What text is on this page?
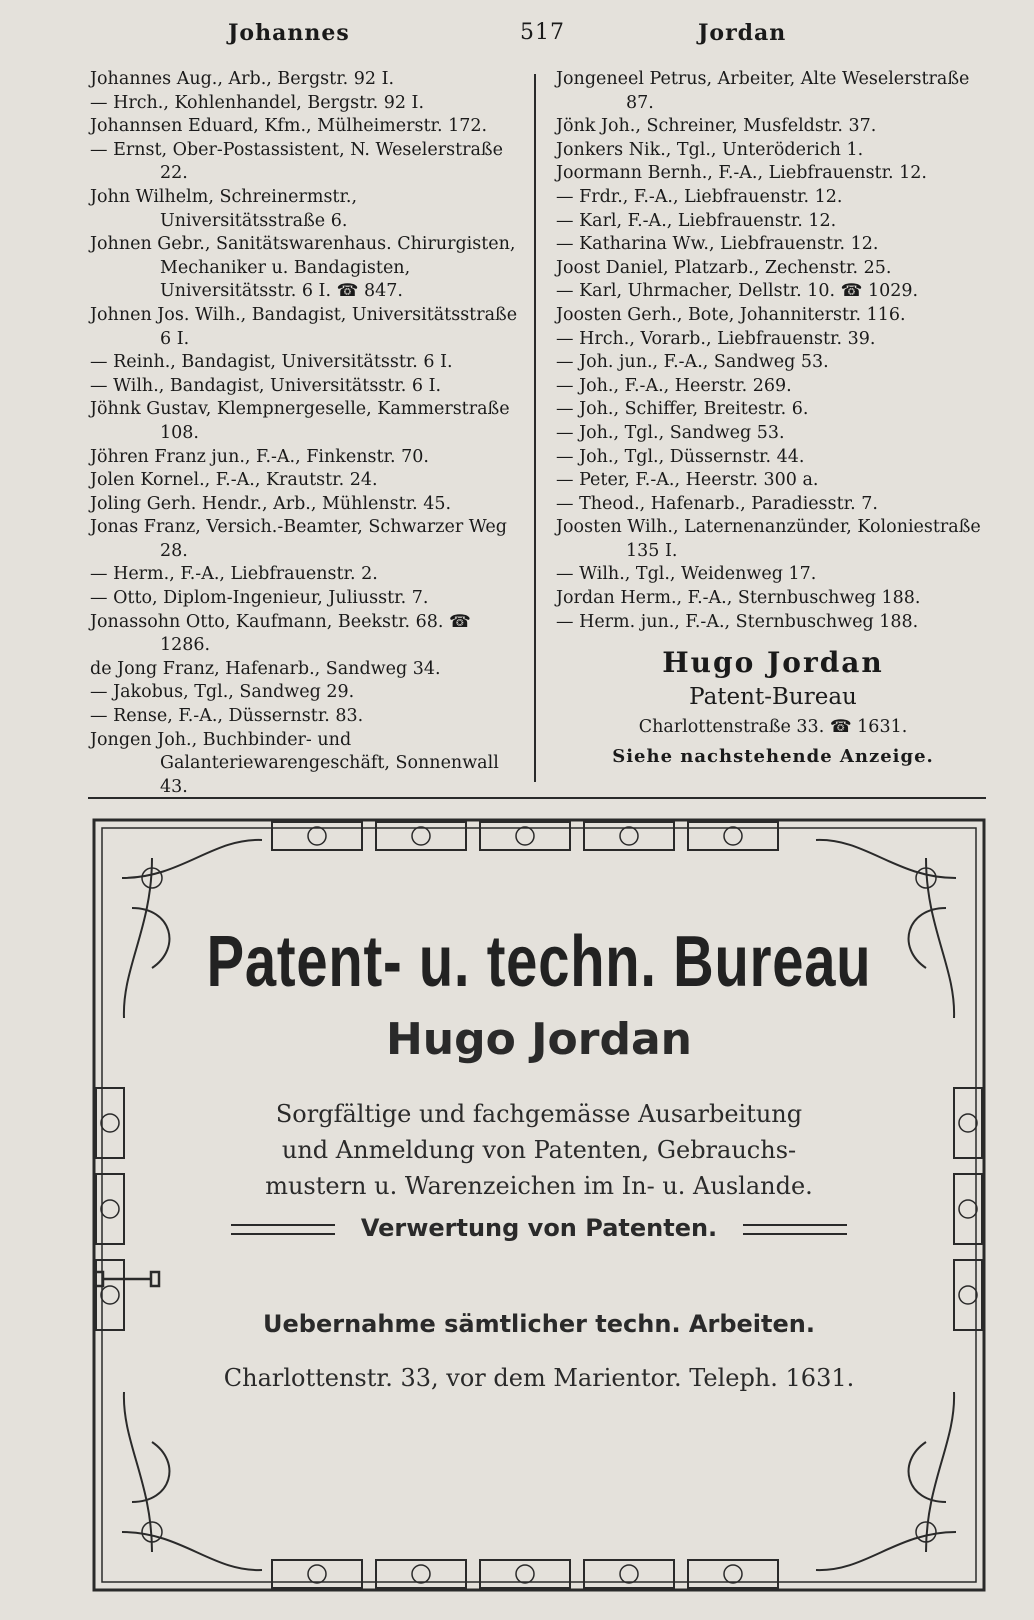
Johannes	517	Jordan

Johannes Aug., Arb., Bergstr. 92 I.

— Hrch., Kohlenhandel, Bergstr. 92 I.

Johannsen Eduard, Kfm., Mülheimerstr. 172.

— Ernst, Ober-Postassistent, N. Weselerstraße 22.

John Wilhelm, Schreinermstr., Universitätsstraße 6.

Johnen Gebr., Sanitätswarenhaus. Chirurgisten, Mechaniker u. Bandagisten, Universitätsstr. 6 I. ☎ 847.

Johnen Jos. Wilh., Bandagist, Universitätsstraße 6 I.

— Reinh., Bandagist, Universitätsstr. 6 I.

— Wilh., Bandagist, Universitätsstr. 6 I.

Jöhnk Gustav, Klempnergeselle, Kammerstraße 108.

Jöhren Franz jun., F.-A., Finkenstr. 70.

Jolen Kornel., F.-A., Krautstr. 24.

Joling Gerh. Hendr., Arb., Mühlenstr. 45.

Jonas Franz, Versich.-Beamter, Schwarzer Weg 28.

— Herm., F.-A., Liebfrauenstr. 2.

— Otto, Diplom-Ingenieur, Juliusstr. 7.

Jonassohn Otto, Kaufmann, Beekstr. 68. ☎ 1286.

de Jong Franz, Hafenarb., Sandweg 34.

— Jakobus, Tgl., Sandweg 29.

— Rense, F.-A., Düssernstr. 83.

Jongen Joh., Buchbinder- und Galanteriewarengeschäft, Sonnenwall 43.

Jongeneel Petrus, Arbeiter, Alte Weselerstraße 87.

Jönk Joh., Schreiner, Musfeldstr. 37.

Jonkers Nik., Tgl., Unteröderich 1.

Joormann Bernh., F.-A., Liebfrauenstr. 12.

— Frdr., F.-A., Liebfrauenstr. 12.

— Karl, F.-A., Liebfrauenstr. 12.

— Katharina Ww., Liebfrauenstr. 12.

Joost Daniel, Platzarb., Zechenstr. 25.

— Karl, Uhrmacher, Dellstr. 10. ☎ 1029.

Joosten Gerh., Bote, Johanniterstr. 116.

— Hrch., Vorarb., Liebfrauenstr. 39.

— Joh. jun., F.-A., Sandweg 53.

— Joh., F.-A., Heerstr. 269.

— Joh., Schiffer, Breitestr. 6.

— Joh., Tgl., Sandweg 53.

— Joh., Tgl., Düssernstr. 44.

— Peter, F.-A., Heerstr. 300 a.

— Theod., Hafenarb., Paradiesstr. 7.

Joosten Wilh., Laternenanzünder, Koloniestraße 135 I.

— Wilh., Tgl., Weidenweg 17.

Jordan Herm., F.-A., Sternbuschweg 188.

— Herm. jun., F.-A., Sternbuschweg 188.

Hugo Jordan
Patent-Bureau
Charlottenstraße 33. ☎ 1631.
Siehe nachstehende Anzeige.
Patent- u. techn. Bureau
Hugo Jordan
Sorgfältige und fachgemässe Ausarbeitung
und Anmeldung von Patenten, Gebrauchs-
mustern u. Warenzeichen im In- u. Auslande.
Verwertung von Patenten.
Uebernahme sämtlicher techn. Arbeiten.
Charlottenstr. 33, vor dem Marientor. Teleph. 1631.
